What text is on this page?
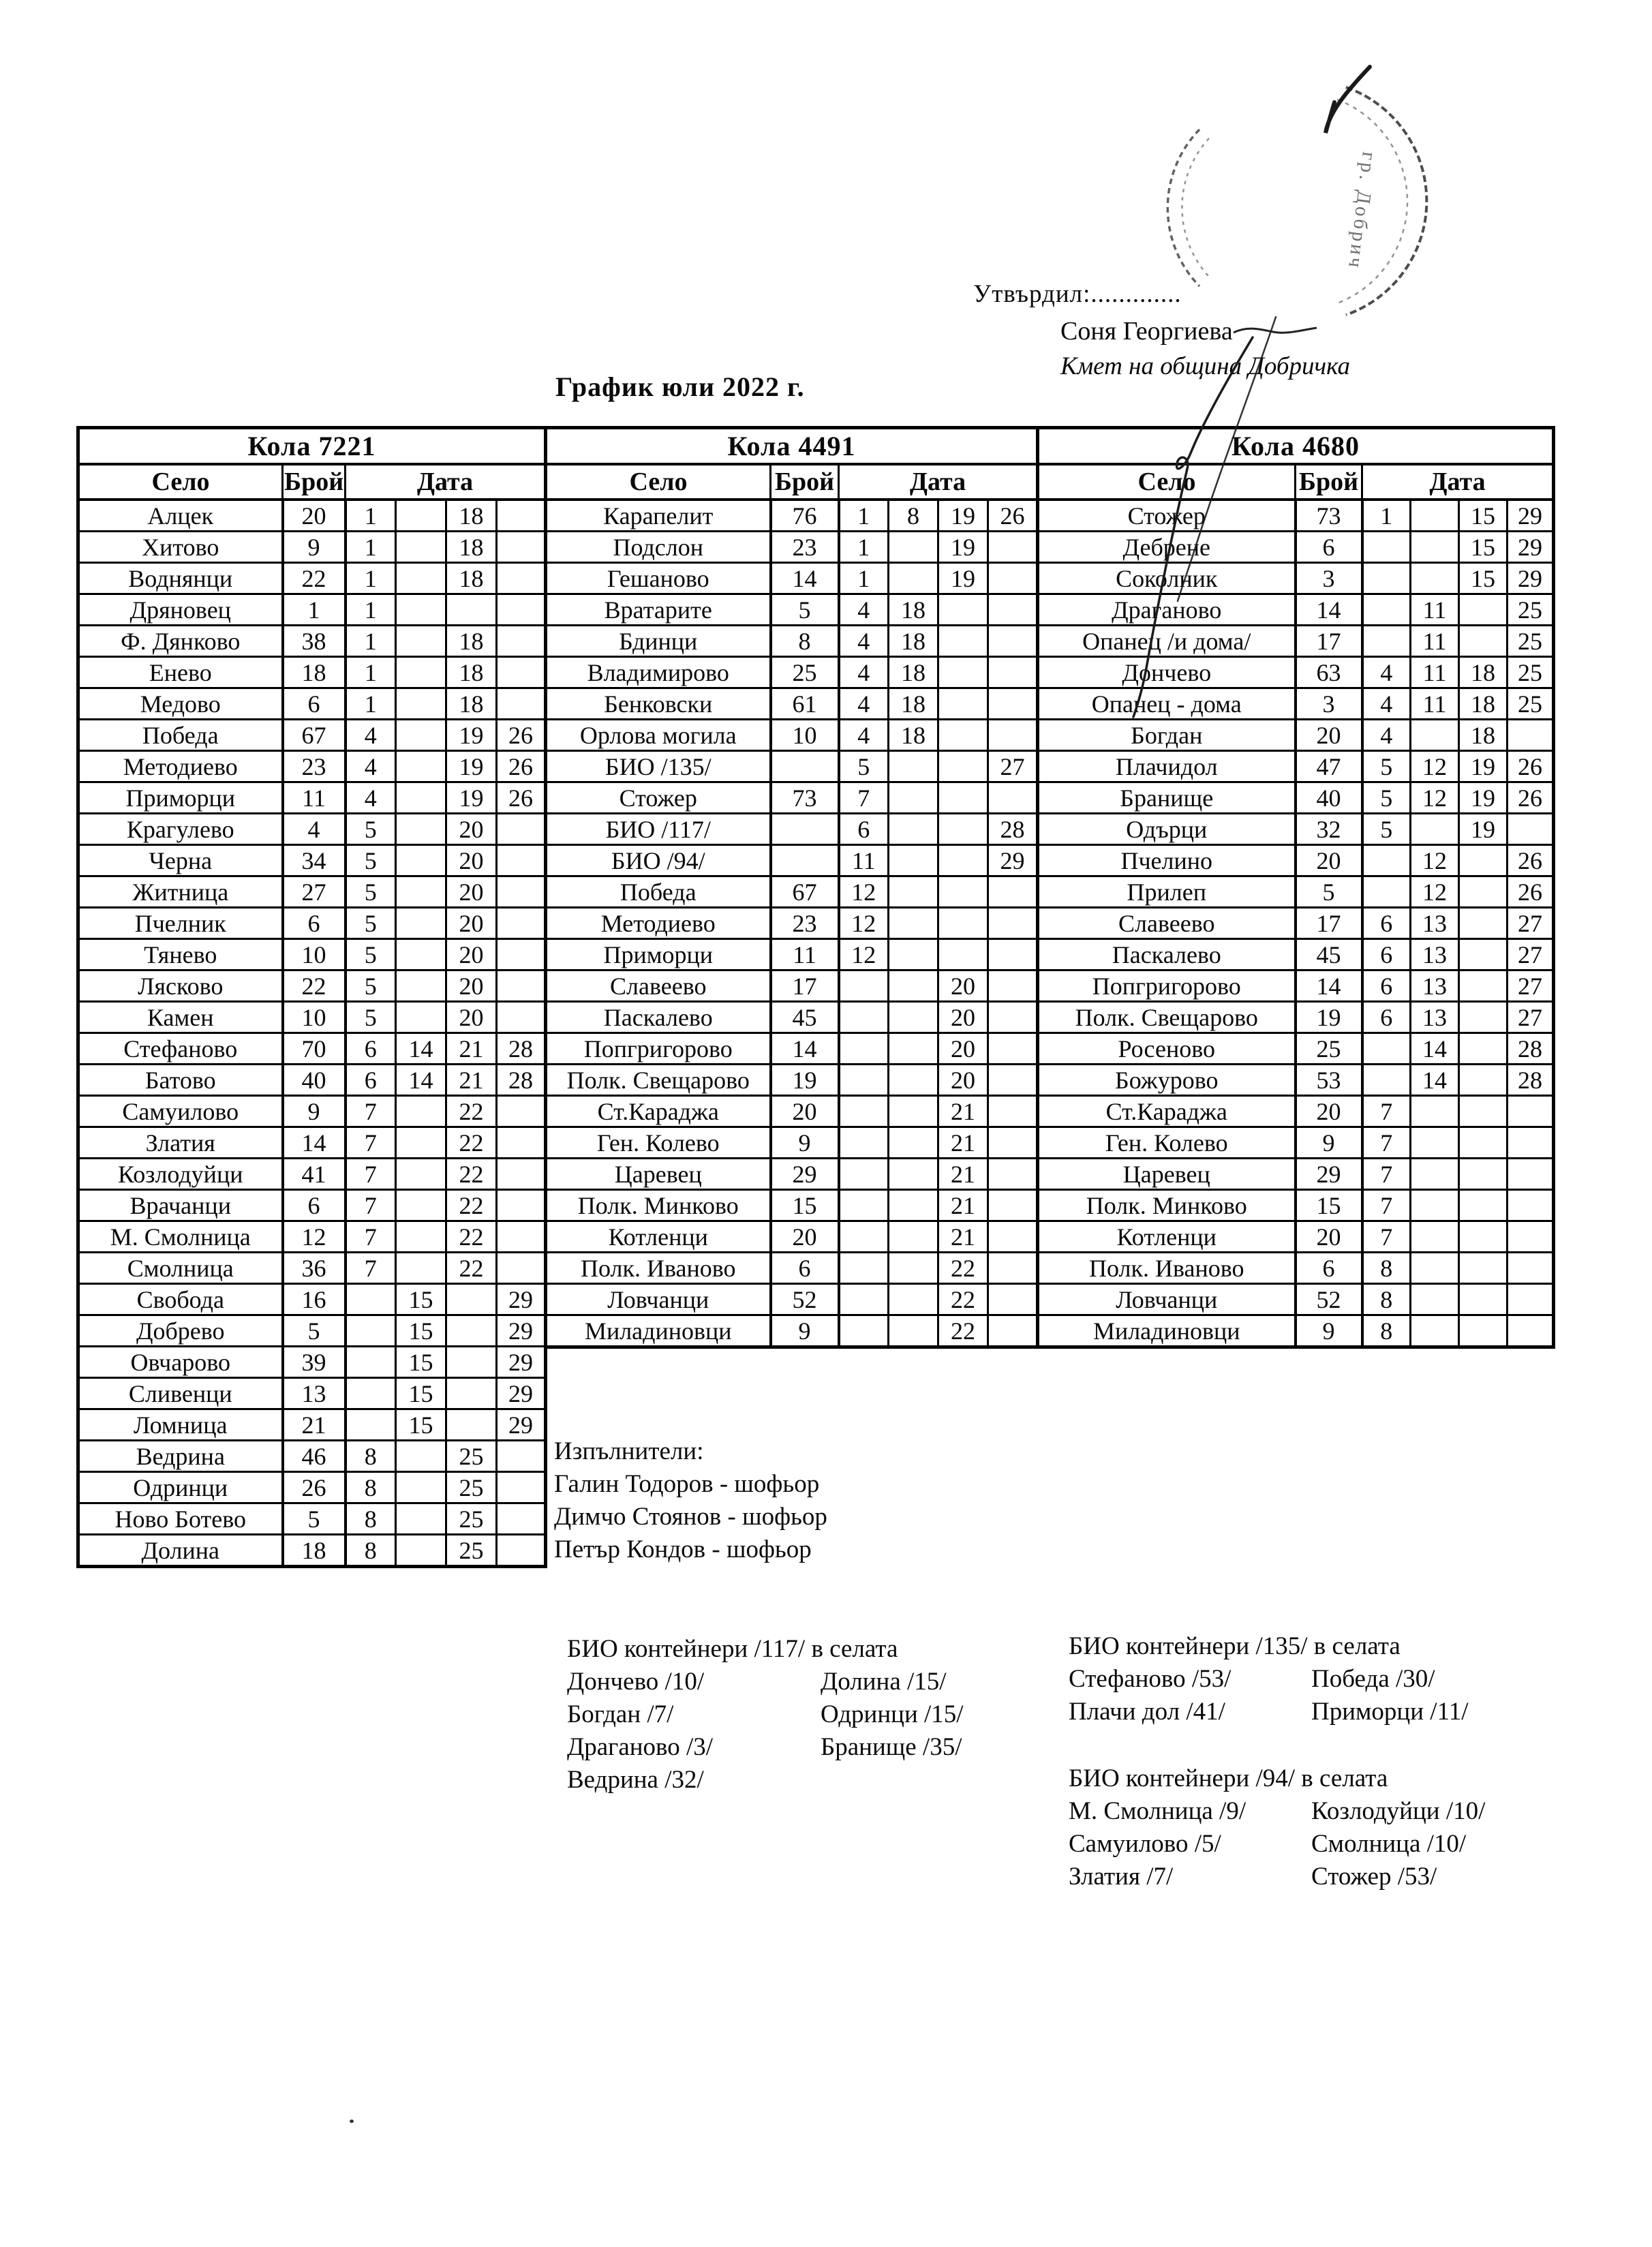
Утвърдил:.............
Соня Георгиева
Кмет на община Добричка
График юли 2022 г.
Кола 7221					
Село	Брой	Дата			
Алцек	20	1		18	
Хитово	9	1		18	
Воднянци	22	1		18	
Дряновец	1	1			
Ф. Дянково	38	1		18	
Енево	18	1		18	
Медово	6	1		18	
Победа	67	4		19	26
Методиево	23	4		19	26
Приморци	11	4		19	26
Крагулево	4	5		20	
Черна	34	5		20	
Житница	27	5		20	
Пчелник	6	5		20	
Тянево	10	5		20	
Лясково	22	5		20	
Камен	10	5		20	
Стефаново	70	6	14	21	28
Батово	40	6	14	21	28
Самуилово	9	7		22	
Златия	14	7		22	
Козлодуйци	41	7		22	
Врачанци	6	7		22	
М. Смолница	12	7		22	
Смолница	36	7		22	
Свобода	16		15		29
Добрево	5		15		29
Овчарово	39		15		29
Сливенци	13		15		29
Ломница	21		15		29
Ведрина	46	8		25	
Одринци	26	8		25	
Ново Ботево	5	8		25	
Долина	18	8		25	
Кола 4491					
Село	Брой	Дата			
Карапелит	76	1	8	19	26
Подслон	23	1		19	
Гешаново	14	1		19	
Вратарите	5	4	18		
Бдинци	8	4	18		
Владимирово	25	4	18		
Бенковски	61	4	18		
Орлова могила	10	4	18		
БИО /135/		5			27
Стожер	73	7			
БИО /117/		6			28
БИО /94/		11			29
Победа	67	12			
Методиево	23	12			
Приморци	11	12			
Славеево	17			20	
Паскалево	45			20	
Попгригорово	14			20	
Полк. Свещарово	19			20	
Ст.Караджа	20			21	
Ген. Колево	9			21	
Царевец	29			21	
Полк. Минково	15			21	
Котленци	20			21	
Полк. Иваново	6			22	
Ловчанци	52			22	
Миладиновци	9			22	
Кола 4680					
Село	Брой	Дата			
Стожер	73	1		15	29
Дебрене	6			15	29
Соколник	3			15	29
Драганово	14		11		25
Опанец /и дома/	17		11		25
Дончево	63	4	11	18	25
Опанец - дома	3	4	11	18	25
Богдан	20	4		18	
Плачидол	47	5	12	19	26
Бранище	40	5	12	19	26
Одърци	32	5		19	
Пчелино	20		12		26
Прилеп	5		12		26
Славеево	17	6	13		27
Паскалево	45	6	13		27
Попгригорово	14	6	13		27
Полк. Свещарово	19	6	13		27
Росеново	25		14		28
Божурово	53		14		28
Ст.Караджа	20	7			
Ген. Колево	9	7			
Царевец	29	7			
Полк. Минково	15	7			
Котленци	20	7			
Полк. Иваново	6	8			
Ловчанци	52	8			
Миладиновци	9	8			
Изпълнители:
Галин Тодоров - шофьор
Димчо Стоянов - шофьор
Петър Кондов - шофьор
БИО контейнери /117/ в селата
Дончево /10/
Богдан /7/
Драганово /3/
Ведрина /32/
Долина /15/
Одринци /15/
Бранище /35/
БИО контейнери /135/ в селата
Стефаново /53/
Плачи дол /41/
Победа /30/
Приморци /11/
БИО контейнери /94/ в селата
М. Смолница /9/
Самуилово /5/
Златия /7/
Козлодуйци /10/
Смолница /10/
Стожер /53/
гр. Добрич
